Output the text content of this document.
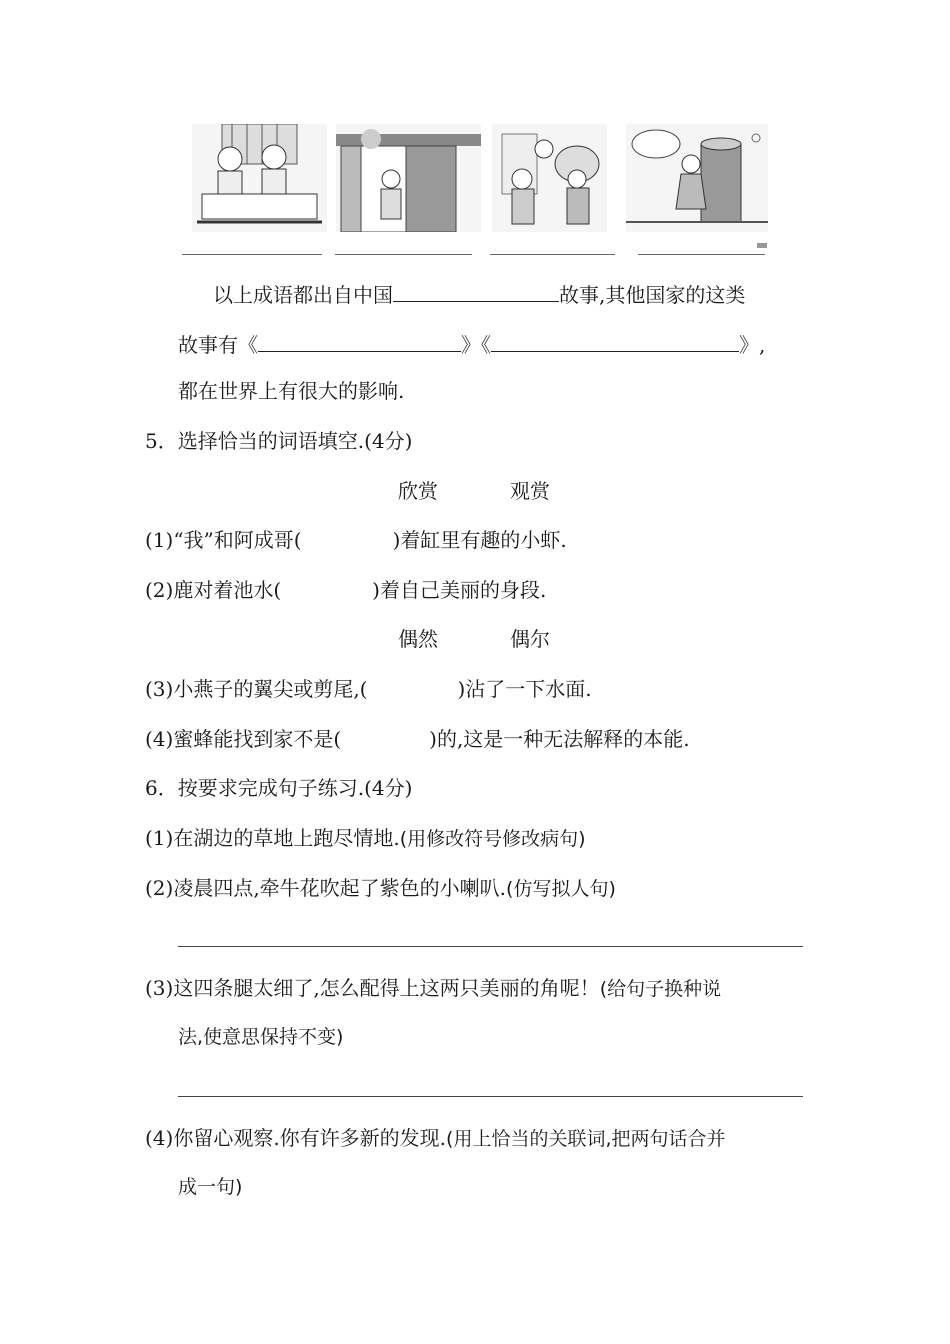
以上成语都出自中国	故事,其他国家的这类
故事有《	》《	》,
都在世界上有很大的影响.
5．选择恰当的词语填空.(4分)
欣赏	观赏
(1)“我”和阿成哥(	)着缸里有趣的小虾.
(2)鹿对着池水(	)着自己美丽的身段.
偶然	偶尔
(3)小燕子的翼尖或剪尾,(	)沾了一下水面.
(4)蜜蜂能找到家不是(	)的,这是一种无法解释的本能.
6．按要求完成句子练习.(4分)
(1)在湖边的草地上跑尽情地.(用修改符号修改病句)
(2)凌晨四点,牵牛花吹起了紫色的小喇叭.(仿写拟人句)
(3)这四条腿太细了,怎么配得上这两只美丽的角呢！(给句子换种说
法,使意思保持不变)
(4)你留心观察.你有许多新的发现.(用上恰当的关联词,把两句话合并
成一句)
